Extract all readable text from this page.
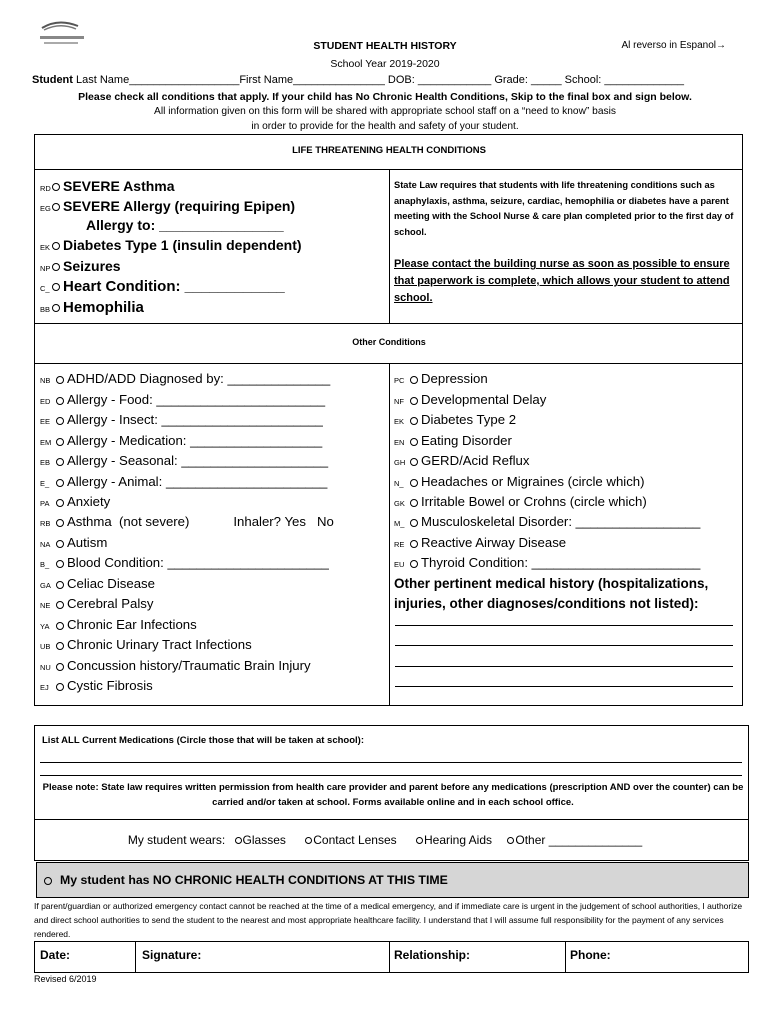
STUDENT HEALTH HISTORY	Al reverso in Espanol→
School Year 2019-2020
Student Last Name__________________First Name_______________ DOB: ____________ Grade: _____ School: _____________
Please check all conditions that apply. If your child has No Chronic Health Conditions, Skip to the final box and sign below.
All information given on this form will be shared with appropriate school staff on a “need to know” basis
in order to provide for the health and safety of your student.
LIFE THREATENING HEALTH CONDITIONS
RD SEVERE Asthma
EG SEVERE Allergy (requiring Epipen)
Allergy to: ________________
EK Diabetes Type 1 (insulin dependent)
NP Seizures
C_ Heart Condition: ____________
BB Hemophilia
State Law requires that students with life threatening conditions such as anaphylaxis, asthma, seizure, cardiac, hemophilia or diabetes have a parent meeting with the School Nurse & care plan completed prior to the first day of school.
Please contact the building nurse as soon as possible to ensure that paperwork is complete, which allows your student to attend school.
Other Conditions
NB ADHD/ADD Diagnosed by: ______________
ED Allergy - Food: _______________________
EE Allergy - Insect: ______________________
EM Allergy - Medication: __________________
EB Allergy - Seasonal: ____________________
E_ Allergy - Animal: ______________________
PA Anxiety
RB Asthma  (not severe)            Inhaler? Yes   No
NA Autism
B_ Blood Condition: ______________________
GA Celiac Disease
NE Cerebral Palsy
YA Chronic Ear Infections
UB Chronic Urinary Tract Infections
NU Concussion history/Traumatic Brain Injury
EJ Cystic Fibrosis
PC Depression
NF Developmental Delay
EK Diabetes Type 2
EN Eating Disorder
GH GERD/Acid Reflux
N_ Headaches or Migraines (circle which)
GK Irritable Bowel or Crohns (circle which)
M_ Musculoskeletal Disorder: _________________
RE Reactive Airway Disease
EU Thyroid Condition: _______________________
Other pertinent medical history (hospitalizations, injuries, other diagnoses/conditions not listed):
List ALL Current Medications (Circle those that will be taken at school):
Please note: State law requires written permission from health care provider and parent before any medications (prescription AND over the counter) can be carried and/or taken at school. Forms available online and in each school office.
My student wears: Glasses Contact Lenses Hearing Aids Other ______________
My student has NO CHRONIC HEALTH CONDITIONS AT THIS TIME
If parent/guardian or authorized emergency contact cannot be reached at the time of a medical emergency, and if immediate care is urgent in the judgement of school authorities, I authorize and direct school authorities to send the student to the nearest and most appropriate healthcare facility. I understand that I will assume full responsibility for the payment of any services rendered.
Date:	Signature:	Relationship:	Phone:
Revised 6/2019
